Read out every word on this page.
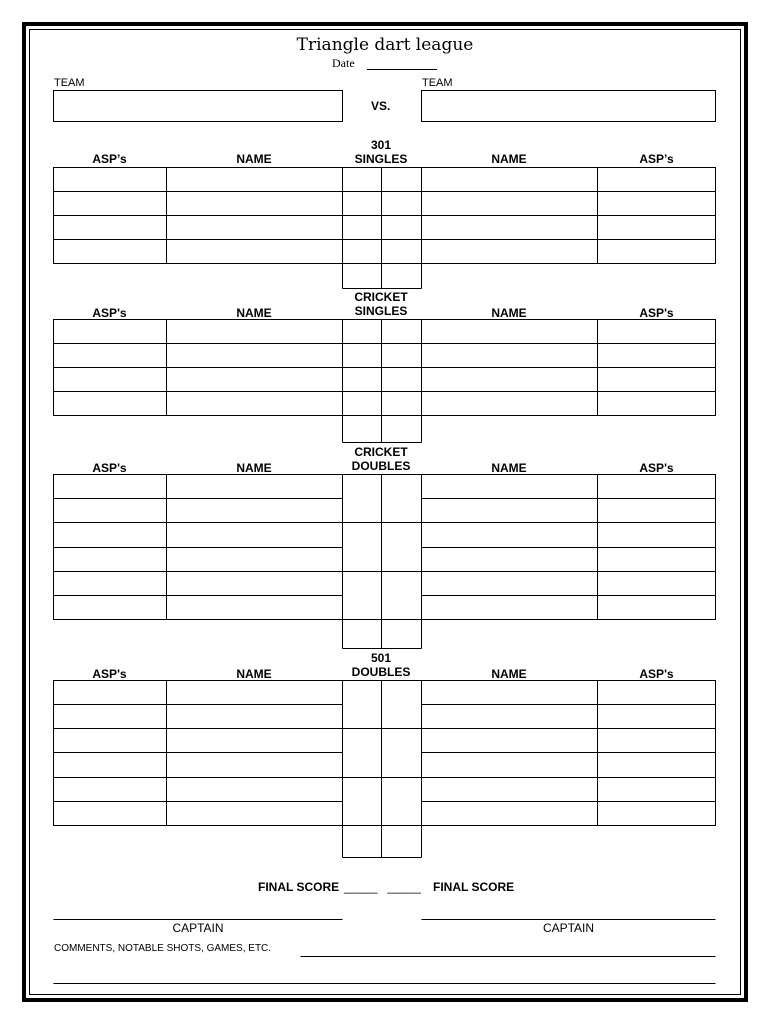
Triangle dart league
Date
TEAM	TEAM
VS.
301
SINGLES
ASP’s	NAME	NAME	ASP’s
CRICKET
SINGLES
ASP's	NAME	NAME	ASP's
CRICKET
DOUBLES
ASP's	NAME	NAME	ASP's
501
DOUBLES
ASP's	NAME	NAME	ASP's
FINAL SCORE _____   _____ FINAL SCORE
CAPTAIN	CAPTAIN
COMMENTS, NOTABLE SHOTS, GAMES, ETC.
